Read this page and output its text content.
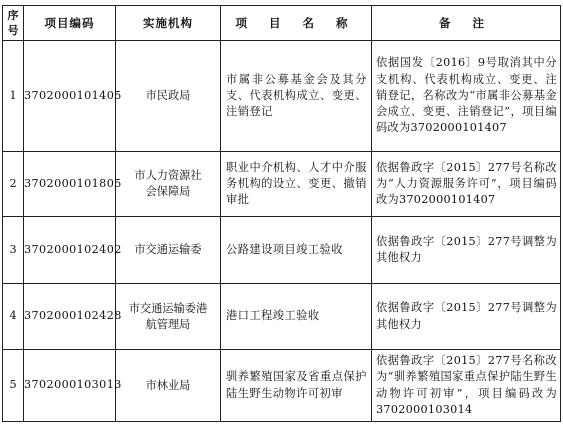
序号	项目编码	实施机构	项 目 名 称	备 注
1	3702000101405	市民政局	市属非公募基金会及其分支、代表机构成立、变更、注销登记	依据国发〔2016〕9号取消其中分支机构、代表机构成立、变更、注销登记，名称改为“市属非公募基金会成立、变更、注销登记”，项目编码改为3702000101407
2	3702000101805	市人力资源社会保障局	职业中介机构、人才中介服务机构的设立、变更、撤销审批	依据鲁政字〔2015〕277号名称改为“人力资源服务许可”，项目编码改为3702000101407
3	3702000102402	市交通运输委	公路建设项目竣工验收	依据鲁政字〔2015〕277号调整为其他权力
4	3702000102428	市交通运输委港航管理局	港口工程竣工验收	依据鲁政字〔2015〕277号调整为其他权力
5	3702000103013	市林业局	驯养繁殖国家及省重点保护陆生野生动物许可初审	依据鲁政字〔2015〕277号名称改为“驯养繁殖国家重点保护陆生野生动物许可初审”，项目编码改为3702000103014
